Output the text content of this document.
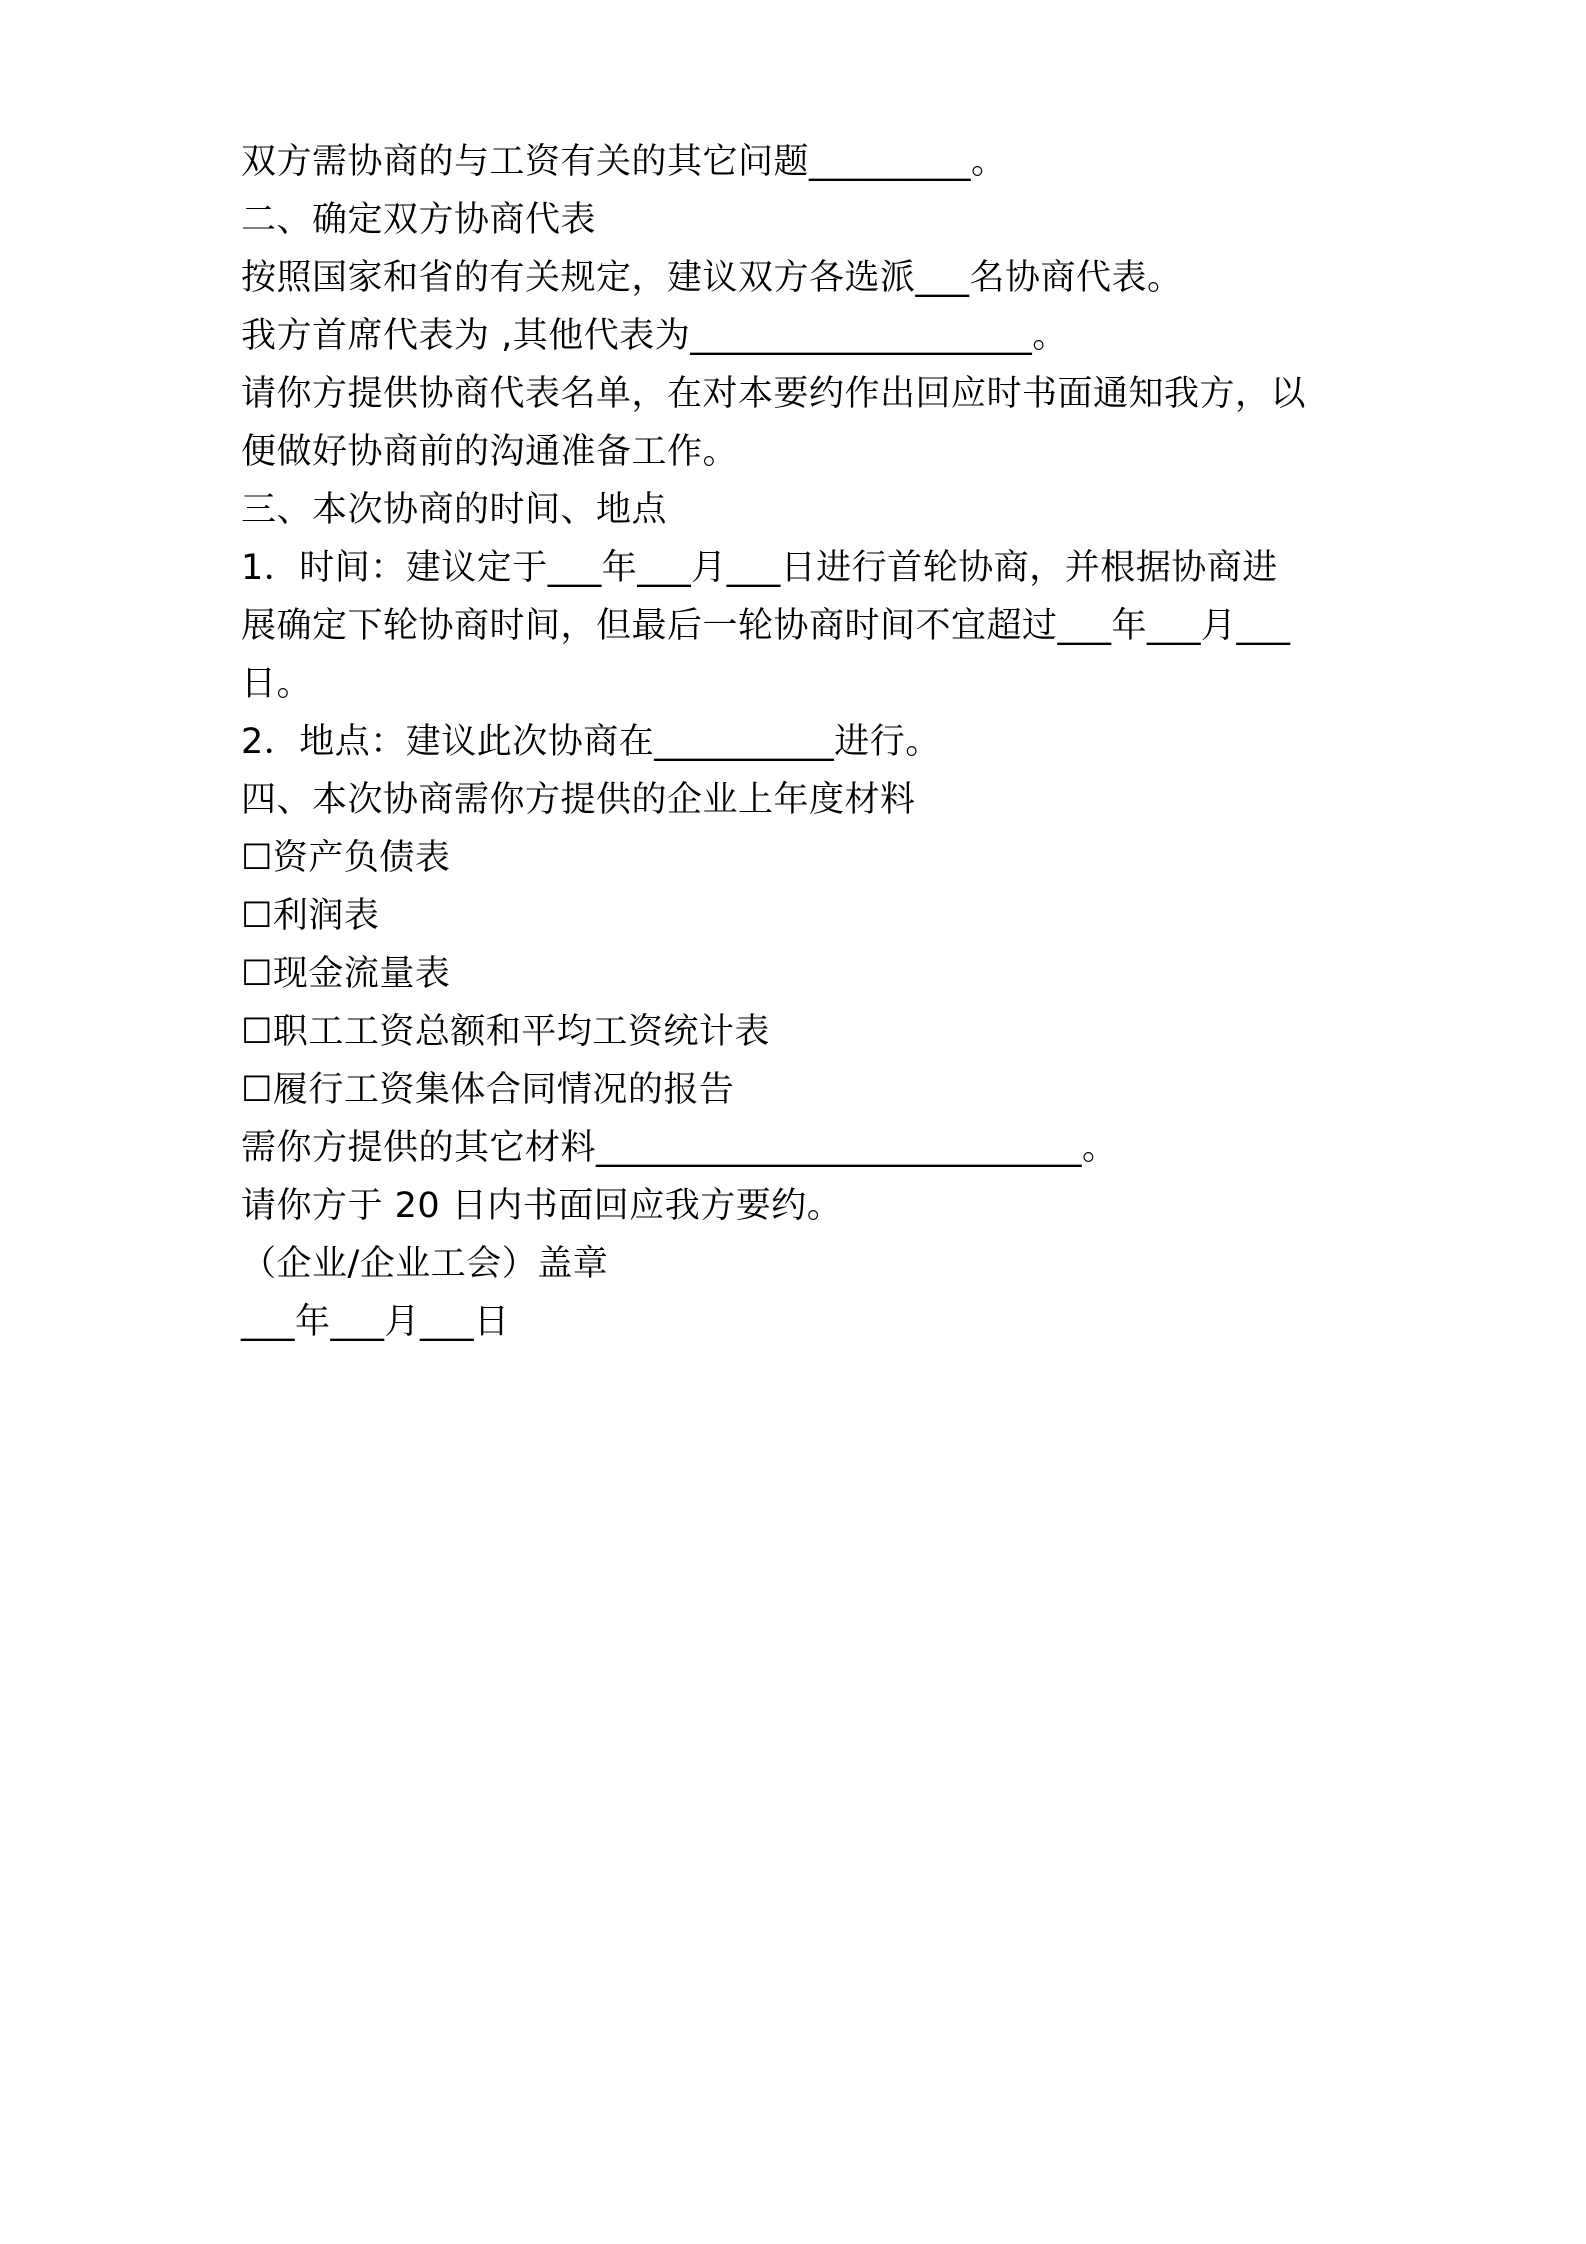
双方需协商的与工资有关的其它问题_________。
二、确定双方协商代表
按照国家和省的有关规定，建议双方各选派___名协商代表。
我方首席代表为 ,其他代表为___________________。
请你方提供协商代表名单，在对本要约作出回应时书面通知我方，以
便做好协商前的沟通准备工作。
三、本次协商的时间、地点
1．时间：建议定于___年___月___日进行首轮协商，并根据协商进
展确定下轮协商时间，但最后一轮协商时间不宜超过___年___月___
日。
2．地点：建议此次协商在__________进行。
四、本次协商需你方提供的企业上年度材料
☐资产负债表
☐利润表
☐现金流量表
☐职工工资总额和平均工资统计表
☐履行工资集体合同情况的报告
需你方提供的其它材料___________________________。
请你方于 20 日内书面回应我方要约。
（企业/企业工会）盖章
___年___月___日
